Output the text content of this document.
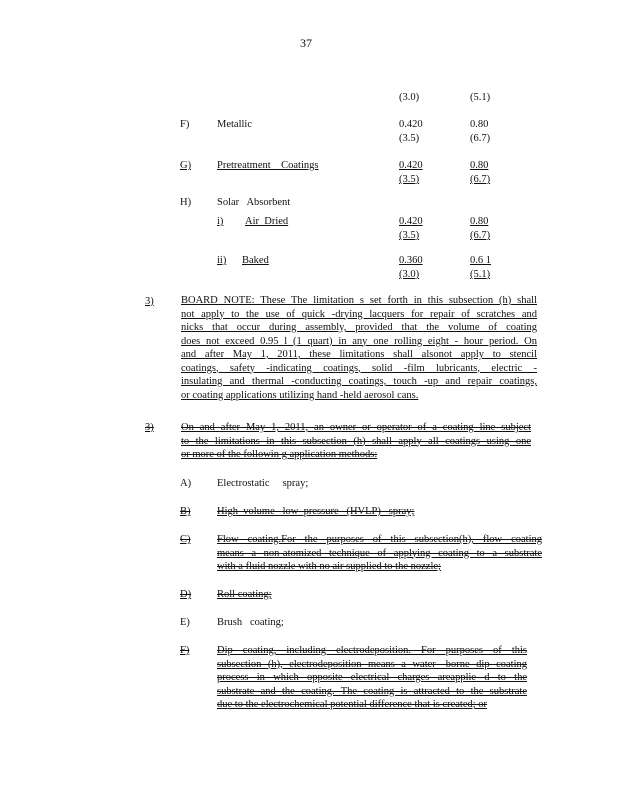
37
(3.0)	(5.1)
F)	Metallic	0.420	0.80
(3.5)	(6.7)
G) Pretreatment    Coatings	0.420	0.80
(3.5)	(6.7)
H) Solar   Absorbent
i) Air  Dried	0.420	0.80
(3.5)	(6.7)
ii) Baked	0.360	0.6 1
(3.0)	(5.1)
3)	BOARD NOTE: These The limitation s set forth in this subsection (h) shall
not apply to the use of quick -drying lacquers for repair of scratches and
nicks that occur during assembly, provided that the volume of coating
does not exceed 0.95 l (1 quart) in any one rolling eight - hour period. On
and after May 1, 2011, these limitations shall alsonot apply to stencil
coatings, safety -indicating coatings, solid -film lubricants, electric -
insulating and thermal -conducting coatings, touch -up and repair coatings,
or coating applications utilizing hand -held aerosol cans.
3)	On and after May 1, 2011, an owner or operator of a coating line subject
to the limitations in this subsection (h) shall apply all coatings using one
or more of the followin g application methods:
A) Electrostatic     spray;
B)	High  volume   low  pressure   (HVLP)   spray;
C)	Flow coating.For the purposes of this subsection(h), flow coating
means a non-atomized technique of applying coating to a substrate
with a fluid nozzle with no air supplied to the nozzle;
D) Roll coating;
E)	Brush   coating;
F)	Dip coating, including electrodeposition. For purposes of this
subsection (h), electrodeposition means a water -borne dip coating
process in which opposite electrical charges areapplie d to the
substrate and the coating. The coating is attracted to the substrate
due to the electrochemical potential difference that is created; or
